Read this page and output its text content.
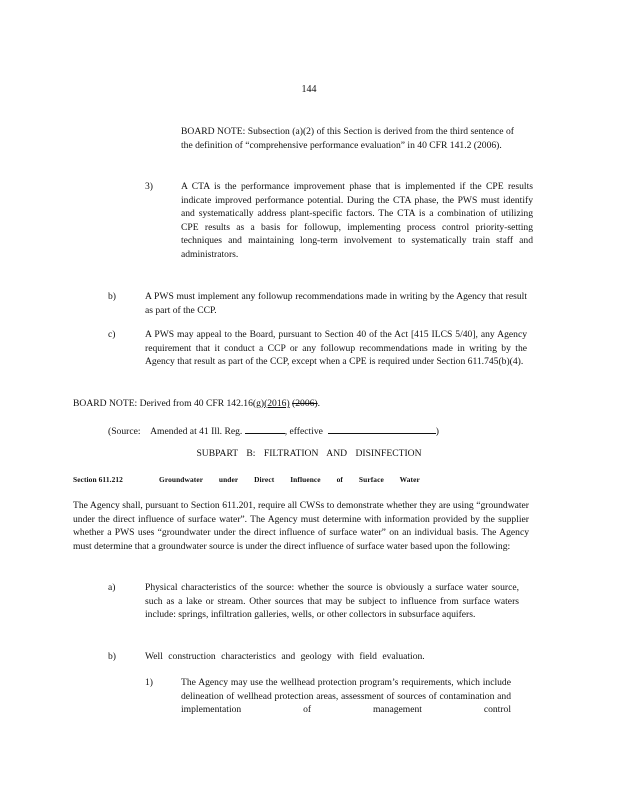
144
BOARD NOTE: Subsection (a)(2) of this Section is derived from the third sentence of the definition of “comprehensive performance evaluation” in 40 CFR 141.2 (2006).
3)	A CTA is the performance improvement phase that is implemented if the CPE results indicate improved performance potential. During the CTA phase, the PWS must identify and systematically address plant-specific factors. The CTA is a combination of utilizing CPE results as a basis for followup, implementing process control priority-setting techniques and maintaining long-term involvement to systematically train staff and administrators.
b)	A PWS must implement any followup recommendations made in writing by the Agency that result as part of the CCP.
c)	A PWS may appeal to the Board, pursuant to Section 40 of the Act [415 ILCS 5/40], any Agency requirement that it conduct a CCP or any followup recommendations made in writing by the Agency that result as part of the CCP, except when a CPE is required under Section 611.745(b)(4).
BOARD NOTE: Derived from 40 CFR 142.16(g)(2016) (2006).
(Source: Amended at 41 Ill. Reg.	, effective	)
SUBPART B: FILTRATION AND DISINFECTION
Section 611.212	Groundwater under Direct Influence of Surface Water
The Agency shall, pursuant to Section 611.201, require all CWSs to demonstrate whether they are using “groundwater under the direct influence of surface water”. The Agency must determine with information provided by the supplier whether a PWS uses “groundwater under the direct influence of surface water” on an individual basis. The Agency must determine that a groundwater source is under the direct influence of surface water based upon the following:
a)	Physical characteristics of the source: whether the source is obviously a surface water source, such as a lake or stream. Other sources that may be subject to influence from surface waters include: springs, infiltration galleries, wells, or other collectors in subsurface aquifers.
b)	Well construction characteristics and geology with field evaluation.
1)	The Agency may use the wellhead protection program’s requirements, which include delineation of wellhead protection areas, assessment of sources of contamination and implementation of management control
